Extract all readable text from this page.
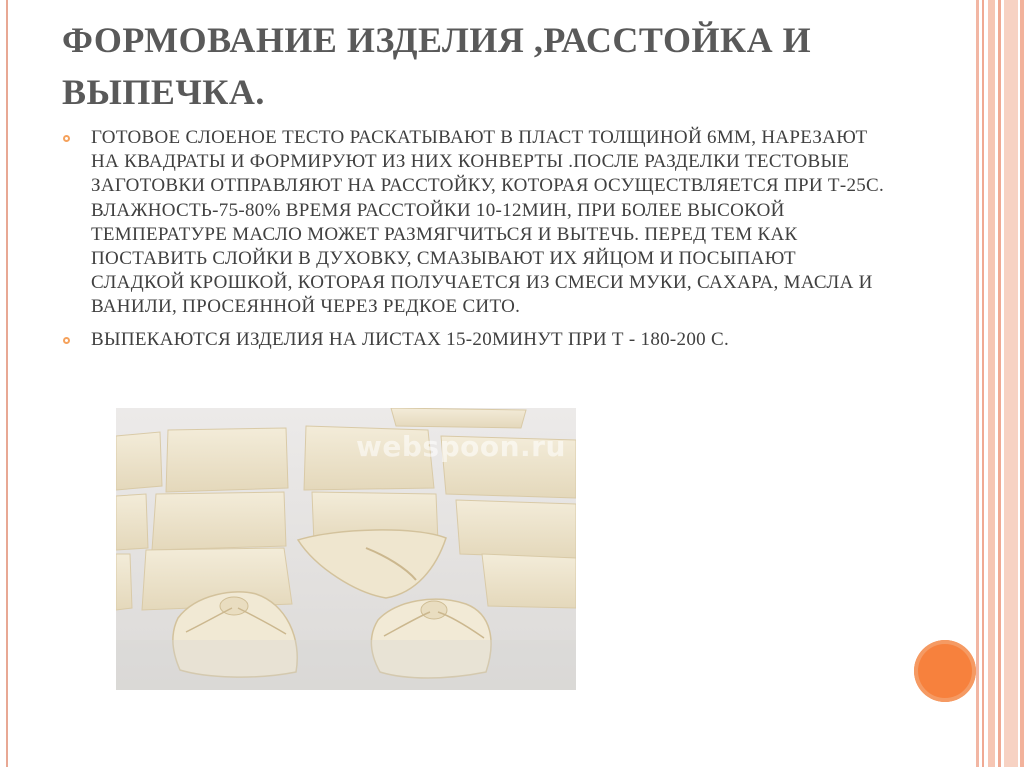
ФОРМОВАНИЕ ИЗДЕЛИЯ ,РАССТОЙКА И ВЫПЕЧКА.
ГОТОВОЕ СЛОЕНОЕ ТЕСТО РАСКАТЫВАЮТ В ПЛАСТ ТОЛЩИНОЙ 6ММ, НАРЕЗАЮТ НА КВАДРАТЫ И ФОРМИРУЮТ ИЗ НИХ КОНВЕРТЫ .ПОСЛЕ РАЗДЕЛКИ ТЕСТОВЫЕ ЗАГОТОВКИ ОТПРАВЛЯЮТ НА РАССТОЙКУ, КОТОРАЯ ОСУЩЕСТВЛЯЕТСЯ ПРИ Т-25С. ВЛАЖНОСТЬ-75-80% ВРЕМЯ РАССТОЙКИ 10-12МИН, ПРИ БОЛЕЕ ВЫСОКОЙ ТЕМПЕРАТУРЕ МАСЛО МОЖЕТ РАЗМЯГЧИТЬСЯ И ВЫТЕЧЬ. ПЕРЕД ТЕМ КАК ПОСТАВИТЬ СЛОЙКИ В ДУХОВКУ, СМАЗЫВАЮТ ИХ ЯЙЦОМ И ПОСЫПАЮТ СЛАДКОЙ КРОШКОЙ, КОТОРАЯ ПОЛУЧАЕТСЯ ИЗ СМЕСИ МУКИ, САХАРА, МАСЛА И ВАНИЛИ, ПРОСЕЯННОЙ ЧЕРЕЗ РЕДКОЕ СИТО.
ВЫПЕКАЮТСЯ ИЗДЕЛИЯ НА ЛИСТАХ 15-20МИНУТ ПРИ Т - 180-200 С.
webspoon.ru
